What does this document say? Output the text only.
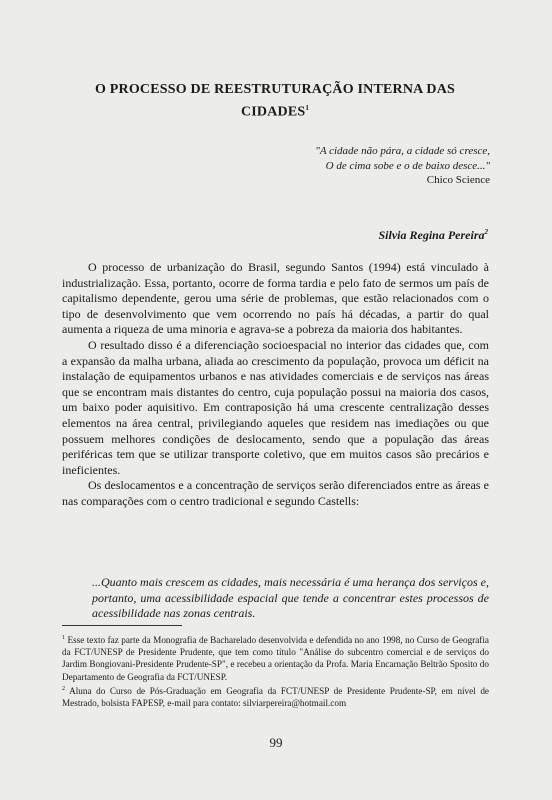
O PROCESSO DE REESTRUTURAÇÃO INTERNA DAS CIDADES$^1$
"A cidade não pára, a cidade só cresce,
O de cima sobe e o de baixo desce..."
Chico Science
Silvia Regina Pereira$^2$

O processo de urbanização do Brasil, segundo Santos (1994) está vinculado à industrialização. Essa, portanto, ocorre de forma tardia e pelo fato de sermos um país de capitalismo dependente, gerou uma série de problemas, que estão relacionados com o tipo de desenvolvimento que vem ocorrendo no país há décadas, a partir do qual aumenta a riqueza de uma minoria e agrava-se a pobreza da maioria dos habitantes.

O resultado disso é a diferenciação socioespacial no interior das cidades que, com a expansão da malha urbana, aliada ao crescimento da população, provoca um déficit na instalação de equipamentos urbanos e nas atividades comerciais e de serviços nas áreas que se encontram mais distantes do centro, cuja população possui na maioria dos casos, um baixo poder aquisitivo. Em contraposição há uma crescente centralização desses elementos na área central, privilegiando aqueles que residem nas imediações ou que possuem melhores condições de deslocamento, sendo que a população das áreas periféricas tem que se utilizar transporte coletivo, que em muitos casos são precários e ineficientes.

Os deslocamentos e a concentração de serviços serão diferenciados entre as áreas e nas comparações com o centro tradicional e segundo Castells:

...Quanto mais crescem as cidades, mais necessária é uma herança dos serviços e, portanto, uma acessibilidade espacial que tende a concentrar estes processos de acessibilidade nas zonas centrais.

$^1$ Esse texto faz parte da Monografia de Bacharelado desenvolvida e defendida no ano 1998, no Curso de Geografia da FCT/UNESP de Presidente Prudente, que tem como título "Análise do subcentro comercial e de serviços do Jardim Bongiovani-Presidente Prudente-SP", e recebeu a orientação da Profa. Maria Encarnação Beltrão Sposito do Departamento de Geografia da FCT/UNESP.

$^2$ Aluna do Curso de Pós-Graduação em Geografia da FCT/UNESP de Presidente Prudente-SP, em nível de Mestrado, bolsista FAPESP, e-mail para contato: silviarpereira@hotmail.com

99
